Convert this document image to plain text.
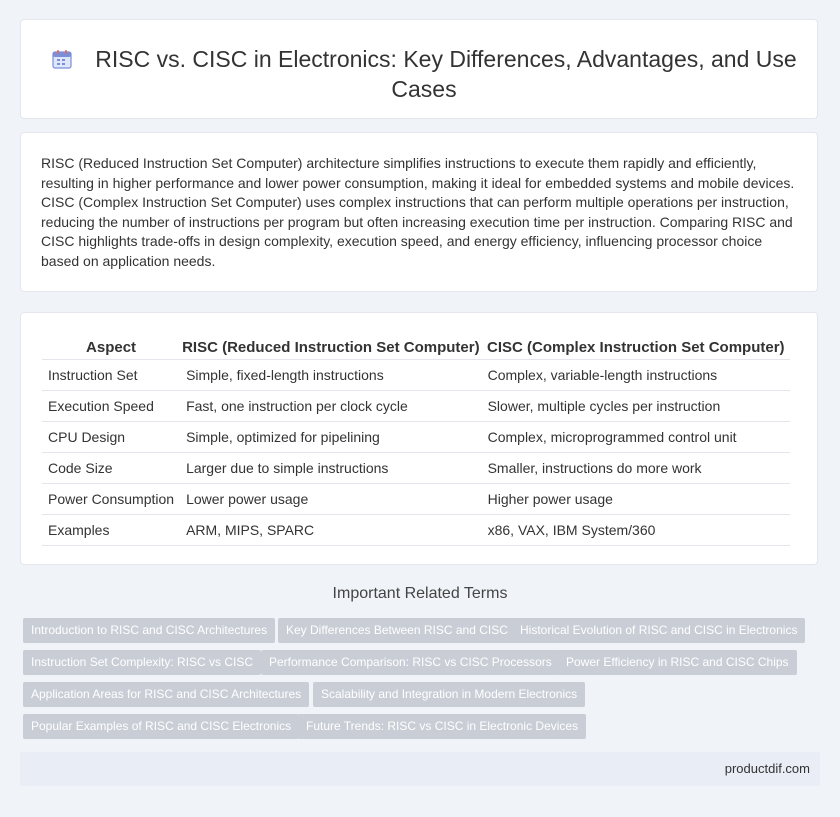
RISC vs. CISC in Electronics: Key Differences, Advantages, and Use Cases

RISC (Reduced Instruction Set Computer) architecture simplifies instructions to execute them rapidly and efficiently, resulting in higher performance and lower power consumption, making it ideal for embedded systems and mobile devices. CISC (Complex Instruction Set Computer) uses complex instructions that can perform multiple operations per instruction, reducing the number of instructions per program but often increasing execution time per instruction. Comparing RISC and CISC highlights trade-offs in design complexity, execution speed, and energy efficiency, influencing processor choice based on application needs.

Aspect	RISC (Reduced Instruction Set Computer)	CISC (Complex Instruction Set Computer)
Instruction Set	Simple, fixed-length instructions	Complex, variable-length instructions
Execution Speed	Fast, one instruction per clock cycle	Slower, multiple cycles per instruction
CPU Design	Simple, optimized for pipelining	Complex, microprogrammed control unit
Code Size	Larger due to simple instructions	Smaller, instructions do more work
Power Consumption	Lower power usage	Higher power usage
Examples	ARM, MIPS, SPARC	x86, VAX, IBM System/360
Important Related Terms
Introduction to RISC and CISC Architectures	Key Differences Between RISC and CISC	Historical Evolution of RISC and CISC in Electronics
Instruction Set Complexity: RISC vs CISC	Performance Comparison: RISC vs CISC Processors	Power Efficiency in RISC and CISC Chips
Application Areas for RISC and CISC Architectures	Scalability and Integration in Modern Electronics
Popular Examples of RISC and CISC Electronics	Future Trends: RISC vs CISC in Electronic Devices
productdif.com
